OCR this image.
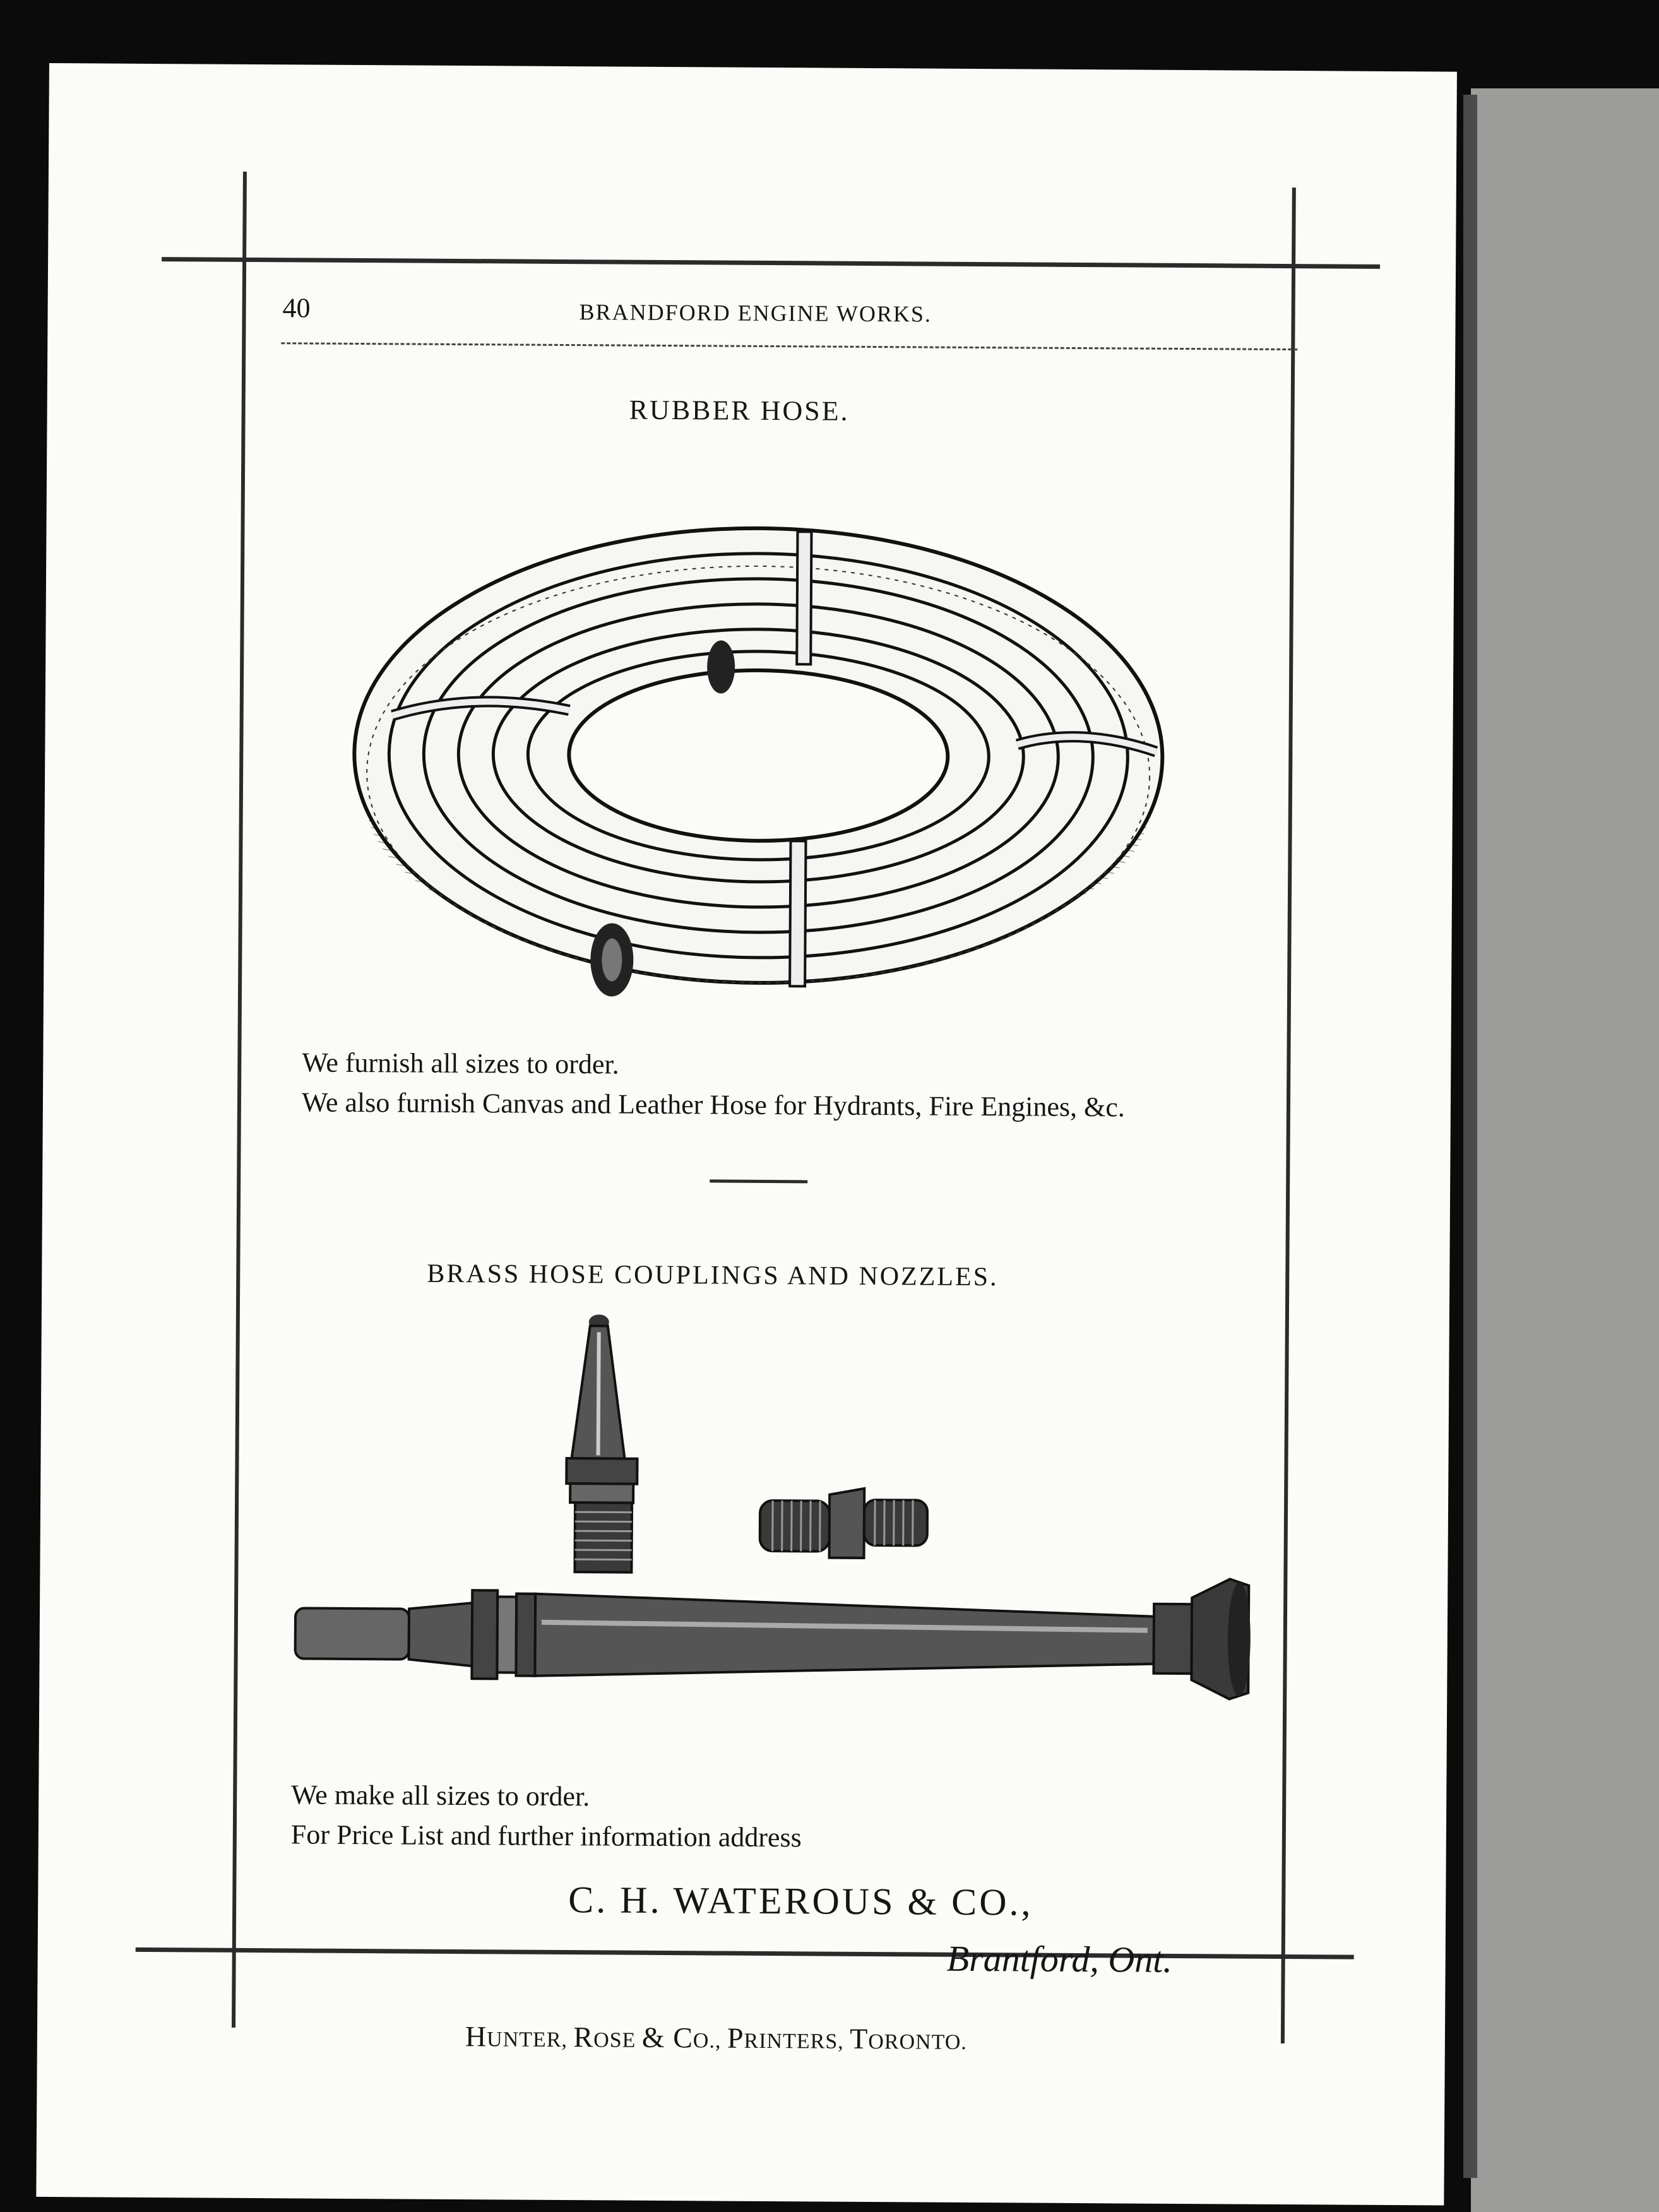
40	BRANDFORD ENGINE WORKS.
RUBBER HOSE.
We furnish all sizes to order.
We also furnish Canvas and Leather Hose for Hydrants, Fire Engines, &c.
BRASS HOSE COUPLINGS AND NOZZLES.
We make all sizes to order.
For Price List and further information address
C. H. WATEROUS & CO.,
Brantford, Ont.
HUNTER, ROSE & CO., PRINTERS, TORONTO.
